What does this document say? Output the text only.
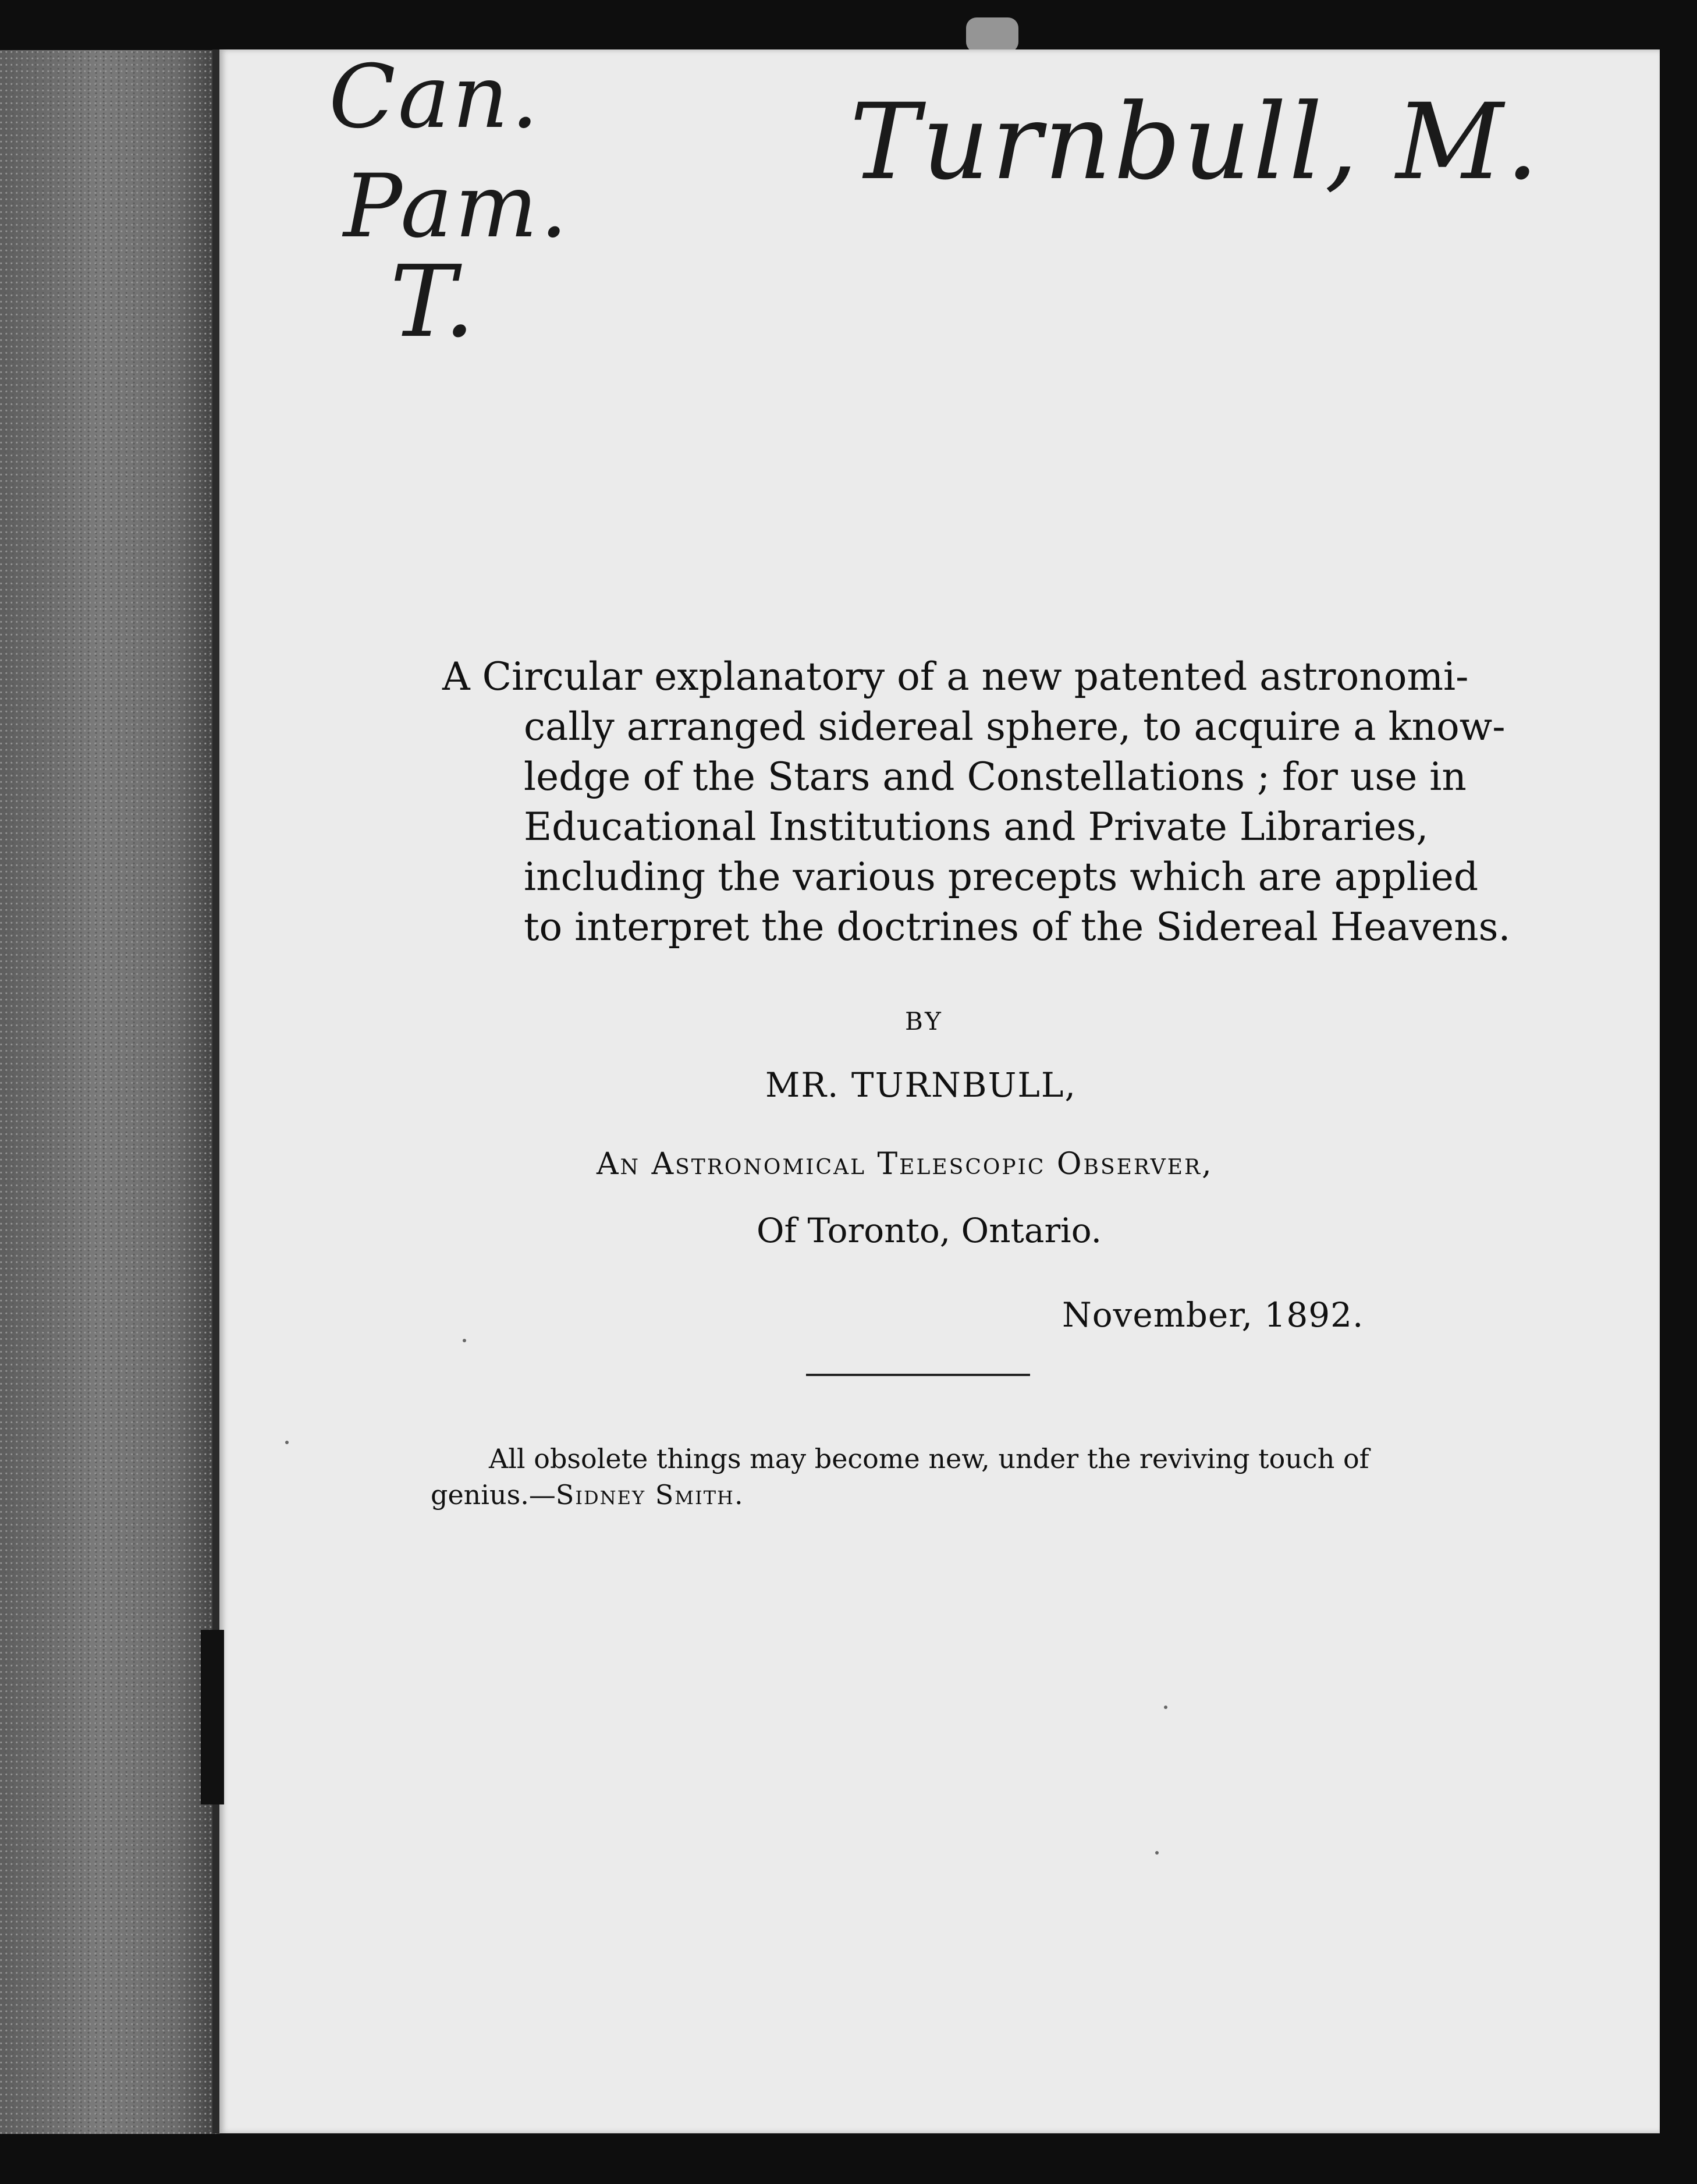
Can.
Pam.
T.
Turnbull, M.
A Circular explanatory of a new patented astronomi-
cally arranged sidereal sphere, to acquire a know-
ledge of the Stars and Constellations ; for use in
Educational Institutions and Private Libraries,
including the various precepts which are applied
to interpret the doctrines of the Sidereal Heavens.
BY
MR. TURNBULL,
An Astronomical Telescopic Observer,
Of Toronto, Ontario.
November, 1892.
All obsolete things may become new, under the reviving touch of
genius.—Sidney Smith.
